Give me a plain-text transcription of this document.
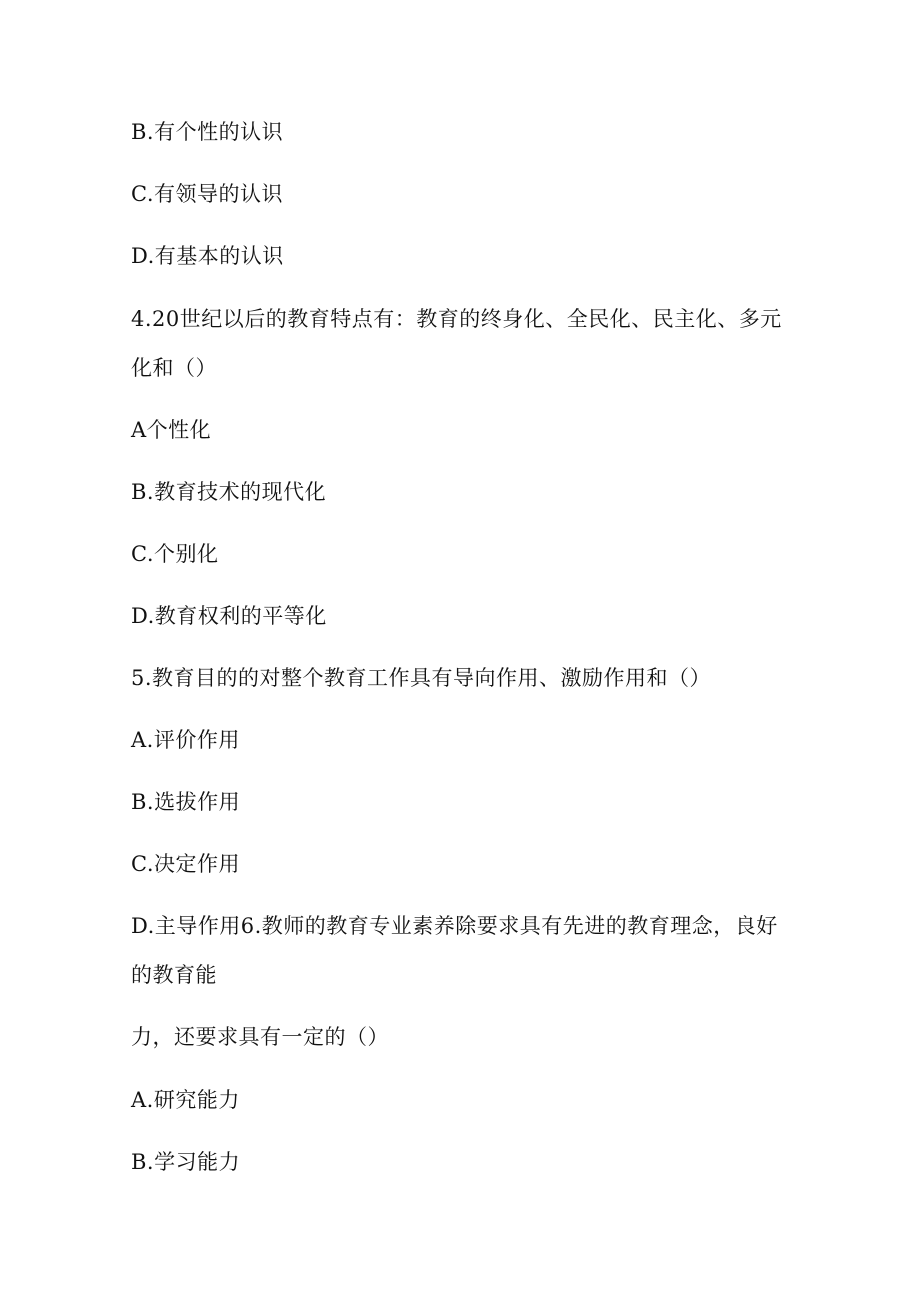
B.有个性的认识
C.有领导的认识
D.有基本的认识
4.20世纪以后的教育特点有：教育的终身化、全民化、民主化、多元
化和（）
A个性化
B.教育技术的现代化
C.个别化
D.教育权利的平等化
5.教育目的的对整个教育工作具有导向作用、激励作用和（）
A.评价作用
B.选拔作用
C.决定作用
D.主导作用6.教师的教育专业素养除要求具有先进的教育理念，良好
的教育能
力，还要求具有一定的（）
A.研究能力
B.学习能力
